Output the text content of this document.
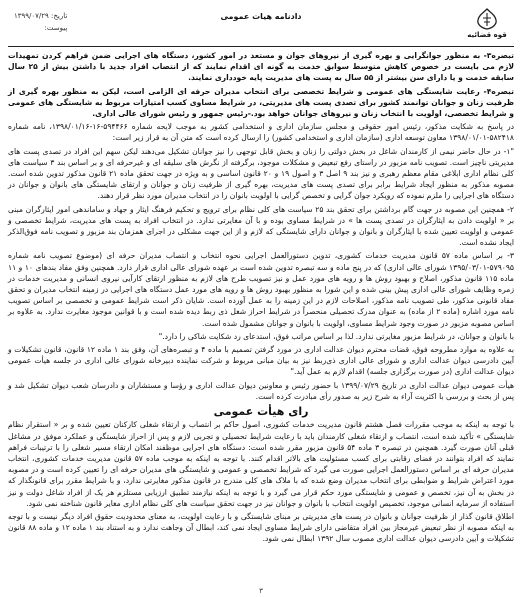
قوه قضائیه
دادنامه هیات عمومی
تاریخ: ۱۳۹۹/۰۷/۲۹
پیوست:

تبصره۳- به منظور جوانگرایی و بهره گیری از نیروهای جوان و مستعد در امور کشور، دستگاه های اجرایی ضمن فراهم کردن تمهیدات لازم می بایست در خصوص کاهش متوسط سوابق خدمت به گونه ای اقدام نمایند که از انتصاب افراد جدید با داشتن بیش از ۲۵ سال سابقه خدمت و یا دارای سن بیشتر از ۵۵ سال به پست های مدیریت پایه خودداری نمایند.

تبصره۴- رعایت شایستگی های عمومی و شرایط تخصصی برای انتخاب مدیران حرفه ای الزامی است، لیکن به منظور بهره گیری از ظرفیت زنان و جوانان توانمند کشور برای تصدی پست های مدیریتی، در شرایط مساوی کسب امتیازات مربوط به شایستگی های عمومی و شرایط تخصصی، اولویت با انتخاب زنان و نیروهای جوانان خواهد بود.-رئیس جمهور و رئیس شورای عالی اداری.

در پاسخ به شکایت مذکور، رئیس امور حقوقی و مجلس سازمان اداری و استخدامی کشور به موجب لایحه شماره ۵۹۴۴۶۶-۱۶-۱۳۹۸/۰۱/۱۶، نامه شماره ۵۸۲۴۱۸-۱۳۹۸/۰۱/۰۱ معاون توسعه اداری (سازمان اداری و استخدامی کشور) را ارسال کرده است که متن آن به قرار زیر است:

"۱- در حال حاضر نیمی از کارمندان شاغل در بخش دولتی را زنان و بخش قابل توجهی را نیز جوانان تشکیل می‌دهند لیکن سهم این افراد در تصدی پست های مدیریتی ناچیز است. تصویب نامه مزبور در راستای رفع تبعیض و مشکلات موجود، برگرفته از نگرش های سلیقه ای و غیرحرفه ای و بر اساس بند ۳ سیاست های کلی نظام اداری ابلاغی مقام معظم رهبری و نیز بند ۹ اصل ۳ و اصول ۱۹ و ۲۰ قانون اساسی و به ویژه در جهت تحقق ماده ۲۱ قانون مذکور تدوین شده است. مصوبه مذکور به منظور ایجاد شرایط برابر برای تصدی پست های مدیریت، بهره گیری از ظرفیت زنان و جوانان و ارتقای شایستگی های بانوان و جوانان در دستگاه های اجرایی را ملزم نموده که رویکرد جوان گرایی و تخصص گرایی با اولویت بانوان را در انتخاب مدیران مورد نظر قرار دهند.

۲- همچنین این مصوبه در جهت گام برداشتن برای تحقق بند ۲۵ سیاست های کلی نظام برای ترویج و تحکیم فرهنگ ایثار و جهاد و ساماندهی امور ایثارگران مبنی بر « اولویت دادن به ایثارگران در تصدی پست ها » در شرایط مساوی بوده و با آن مغایرتی ندارد. در انتخاب افراد به پست های مدیریت، شرایط تخصصی و عمومی و اولویت تعیین شده با ایثارگران و بانوان و جوانان دارای شایستگی که لازم و از این جهت مشکلی در اجرای همزمان بند مزبور و تصویب نامه فوق‌الذکر ایجاد نشده است.

۳- بر اساس ماده ۵۷ قانون مدیریت خدمات کشوری، تدوین دستورالعمل اجرایی نحوه انتخاب و انتصاب مدیران حرفه ای (موضوع تصویب نامه شماره ۵۷۹۰۹۵-۱۳۹۵/۰۳/۰۱ شورای عالی اداری) که در پنج ماده و سه تبصره تدوین شده است بر عهده شورای عالی اداری قرار دارد. همچنین وفق مفاد بندهای ۱۰ و ۱۱ ماده ۱۱۵ قانون مذکور، اصلاح و بهبود روش ها و رویه های مورد عمل و نیز تصویب طرح های لازم به منظور ارتقای کارآیی نیروی انسانی و مدیریت خدمات در زمره وظایف شورای عالی اداری پیش بینی شده و این شورا به منظور بهبود روش ها و رویه های مورد عمل دستگاه های اجرایی در زمینه انتخاب مدیران و تحقق مفاد قانونی مذکور، طی تصویب نامه مذکور، اصلاحات لازم در این زمینه را به عمل آورده است. شایان ذکر است شرایط عمومی و تخصصی بر اساس تصویب نامه مورد اشاره (ماده ۲ از ماده) به عنوان مدرک تحصیلی منحصراً در شرایط احراز شغل ذی ربط دیده شده است و با قوانین موجود مغایرت ندارد. به علاوه بر اساس مصوبه مزبور در صورت وجود شرایط مساوی، اولویت با بانوان و جوانان مشمول شده است.

با بانوان و جوانان، در شرایط مزبور مغایرتی ندارد. لذا بر اساس مراتب فوق، استدعای رد شکایت شاکی را دارد."

به علاوه به موارد مطروحه فوق، قضات محترم دیوان عدالت اداری در مورد گرفتن تصمیم با ماده ۴ و تبصره‌های آن، وفق بند ۱ ماده ۱۲ قانون، قانون تشکیلات و آیین دادرسی دیوان عدالت اداری و شورای عالی اداری ذی‌ربط نیز به بیان مبانی مربوط و شرکت نماینده دبیرخانه شورای عالی اداری در جلسه هیأت عمومی دیوان عدالت اداری (در صورت برگزاری جلسه) اقدام لازم به عمل آید."

هیأت عمومی دیوان عدالت اداری در تاریخ ۱۳۹۹/۰۷/۲۹ با حضور رئیس و معاونین دیوان عدالت اداری و رؤسا و مستشاران و دادرسان شعب دیوان تشکیل شد و پس از بحث و بررسی با اکثریت آراء به شرح زیر به صدور رأی مبادرت کرده است.

رای هیأت عمومی

با توجه به اینکه به موجب مقررات فصل هشتم قانون مدیریت خدمات کشوری، اصول حاکم بر انتصاب و ارتقاء شغلی کارکنان تعیین شده و بر « استقرار نظام شایستگی » تأکید شده است، انتصاب و ارتقاء شغلی کارمندان باید با رعایت شرایط تحصیلی و تجربی لازم و پس از احراز شایستگی و عملکرد موفق در مشاغل قبلی آنان صورت گیرد. همچنین در تبصره ۳ ماده ۵۴ قانون مزبور مقرر شده است: دستگاه های اجرایی موظفند امکان ارتقاء مسیر شغلی را با ترتیبات فراهم نمایند که افراد بتوانند در فضای رقابتی برای کسب مسئولیت های بالاتر اقدام کنند. با توجه به اینکه به موجب ماده ۵۷ قانون مدیریت خدمات کشوری، انتخاب مدیران حرفه ای بر اساس دستورالعمل اجرایی صورت می گیرد که شرایط تخصصی و عمومی و شایستگی های مدیران حرفه ای را تعیین کرده است و در مصوبه مورد اعتراض شرایط و ضوابطی برای انتخاب مدیران وضع شده که با ملاک های کلی مندرج در قانون مذکور مغایرتی ندارد، و با شرایط مقرر برای قانونگذار که در بخش به آن نیز، تخصص و عمومی و شایستگی مورد حکم قرار می گیرد و با توجه به اینکه نیازمند تطبیق ارزیابی مستلزم هر یک از افراد شاغل دولت و نیز استفاده از سرمایه انسانی موجود، تخصیص اولویت انتخاب با بانوان و جوانان نیز در جهت تحقق سیاست های کلی نظام اداری مغایر قانون شناخته نمی شود.

اطلاق قانون گذار از ظرفیت جوانان و بانوان در پست های مدیریتی بر مبنای شایستگی و با رعایت اولویت، به معنای محدودیت حقوق افراد دیگر نیست و با توجه به اینکه مصوبه از نظر تبعیض غیرمجاز بین افراد متقاضی دارای شرایط مساوی ایجاد نمی کند، ابطال آن وجاهت ندارد و به استناد بند ۱ ماده ۱۲ و ماده ۸۸ قانون تشکیلات و آیین دادرسی دیوان عدالت اداری مصوب سال ۱۳۹۲ ابطال نمی شود.

۳
